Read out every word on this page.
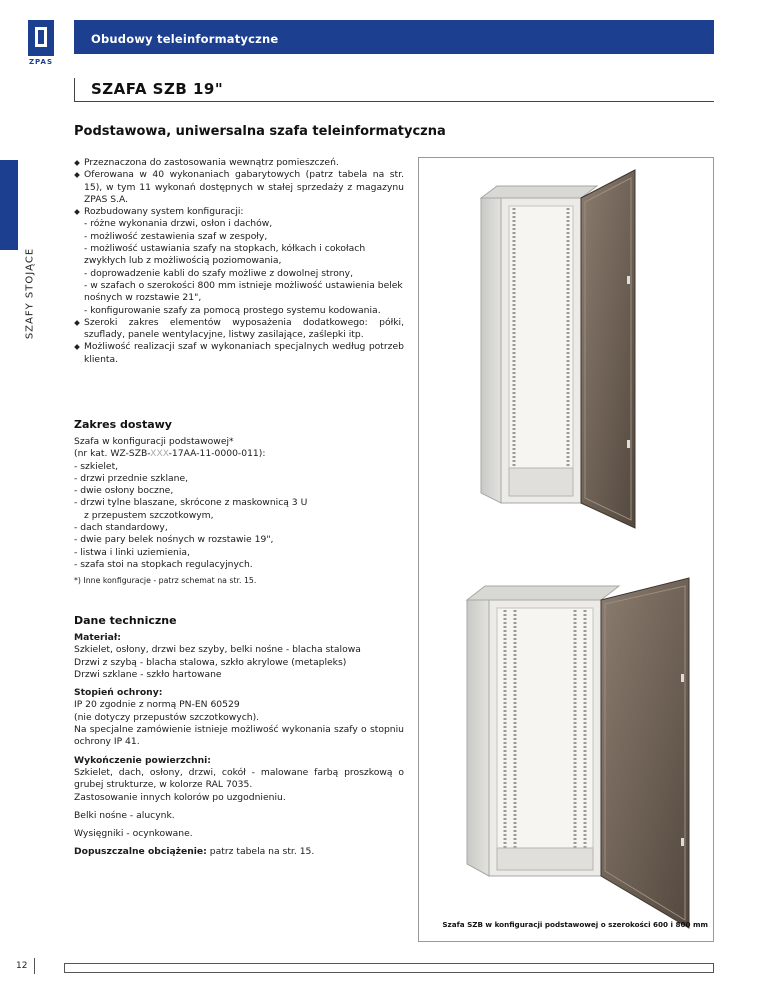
ZPAS
Obudowy teleinformatyczne
SZAFA SZB 19"
SZAFY STOJĄCE
Podstawowa, uniwersalna szafa teleinformatyczna
Przeznaczona do zastosowania wewnątrz pomieszczeń.
Oferowana w 40 wykonaniach gabarytowych (patrz tabela na str. 15), w tym 11 wykonań dostępnych w stałej sprzedaży z magazynu ZPAS S.A.
Rozbudowany system konfiguracji:
- różne wykonania drzwi, osłon i dachów,
- możliwość zestawienia szaf w zespoły,
- możliwość ustawiania szafy na stopkach, kółkach i cokołach zwykłych lub z możliwością poziomowania,
- doprowadzenie kabli do szafy możliwe z dowolnej strony,
- w szafach o szerokości 800 mm istnieje możliwość ustawienia belek nośnych w rozstawie 21",
- konfigurowanie szafy za pomocą prostego systemu kodowania.
Szeroki zakres elementów wyposażenia dodatkowego: półki, szuflady, panele wentylacyjne, listwy zasilające, zaślepki itp.
Możliwość realizacji szaf w wykonaniach specjalnych według potrzeb klienta.
Zakres dostawy
Szafa w konfiguracji podstawowej*
(nr kat. WZ-SZB-XXX-17AA-11-0000-011):
- szkielet,
- drzwi przednie szklane,
- dwie osłony boczne,
- drzwi tylne blaszane, skrócone z maskownicą 3 U
z przepustem szczotkowym,
- dach standardowy,
- dwie pary belek nośnych w rozstawie 19",
- listwa i linki uziemienia,
- szafa stoi na stopkach regulacyjnych.
*) Inne konfiguracje - patrz schemat na str. 15.
Dane techniczne

Materiał:

Szkielet, osłony, drzwi bez szyby, belki nośne - blacha stalowa

Drzwi z szybą - blacha stalowa, szkło akrylowe (metapleks)

Drzwi szklane - szkło hartowane

Stopień ochrony:

IP 20 zgodnie z normą PN-EN 60529

(nie dotyczy przepustów szczotkowych).

Na specjalne zamówienie istnieje możliwość wykonania szafy o stopniu ochrony IP 41.

Wykończenie powierzchni:

Szkielet, dach, osłony, drzwi, cokół - malowane farbą proszkową o grubej strukturze, w kolorze RAL 7035.

Zastosowanie innych kolorów po uzgodnieniu.

Belki nośne - alucynk.

Wysięgniki - ocynkowane.

Dopuszczalne obciążenie: patrz tabela na str. 15.

Szafa SZB w konfiguracji podstawowej o szerokości 600 i 800 mm
12
